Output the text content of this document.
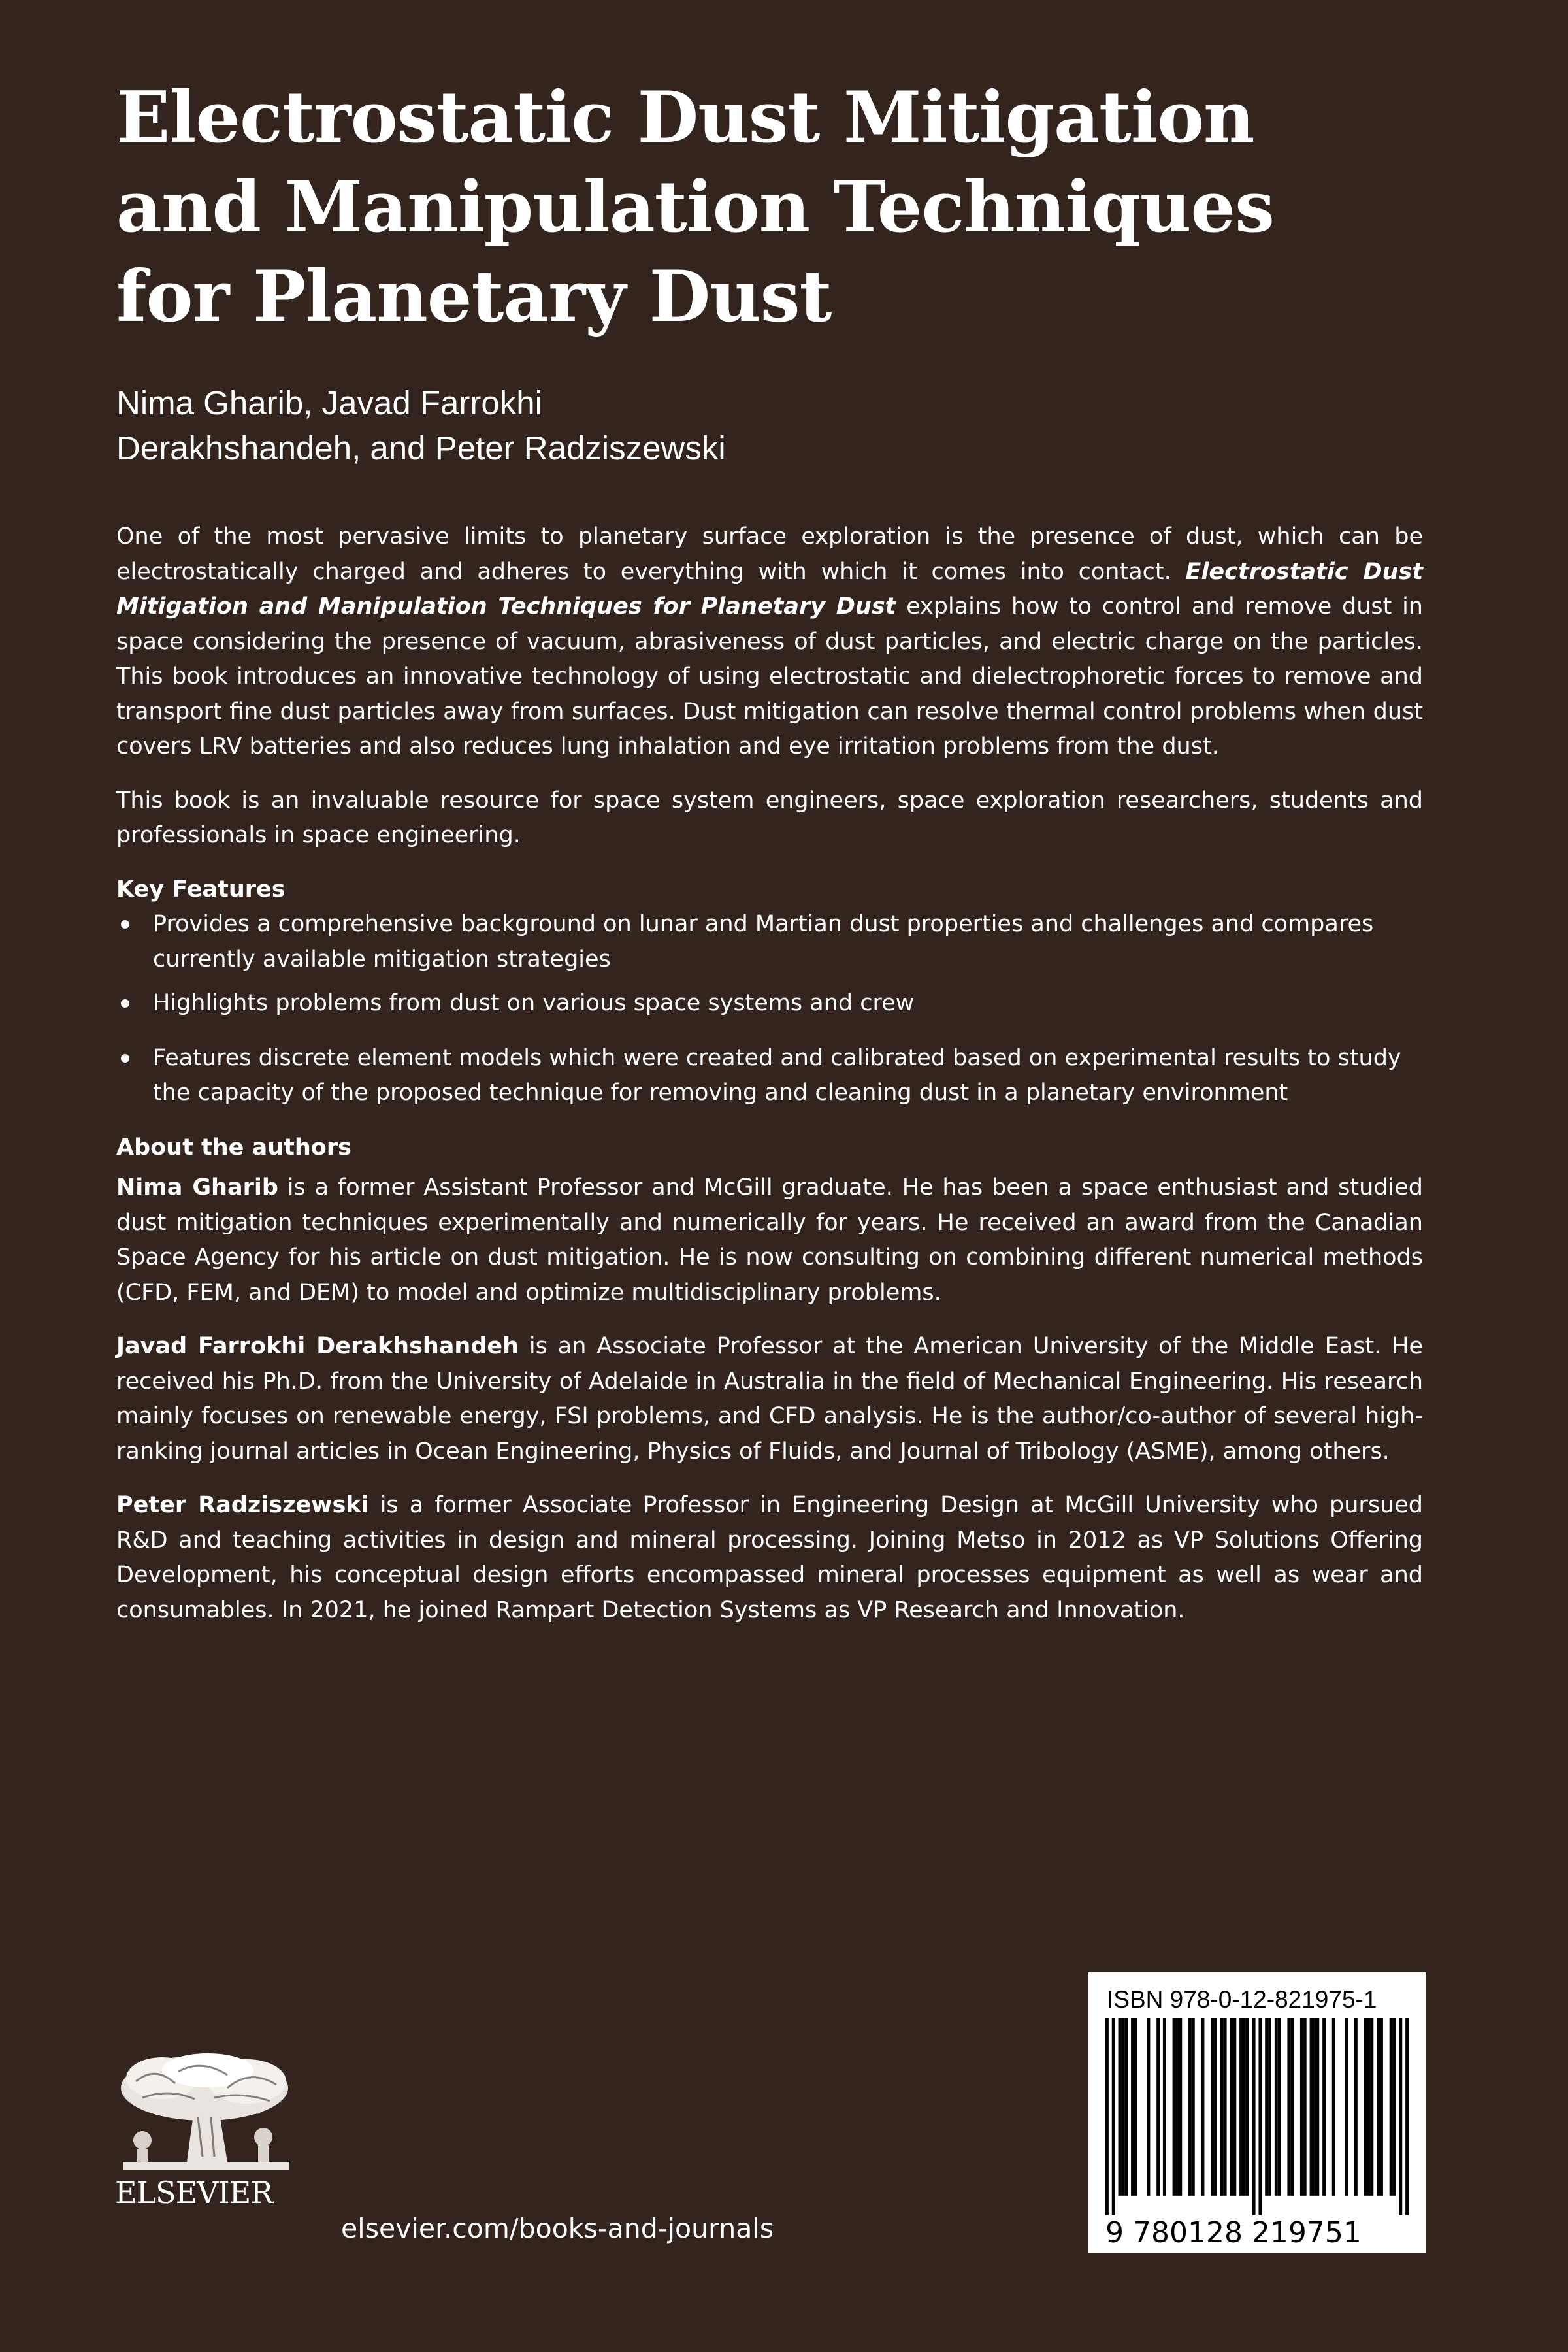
Electrostatic Dust Mitigation
and Manipulation Techniques
for Planetary Dust
Nima Gharib, Javad Farrokhi
Derakhshandeh, and Peter Radziszewski

One of the most pervasive limits to planetary surface exploration is the presence of dust, which can be electrostatically charged and adheres to everything with which it comes into contact. Electrostatic Dust Mitigation and Manipulation Techniques for Planetary Dust explains how to control and remove dust in space considering the presence of vacuum, abrasiveness of dust particles, and electric charge on the particles. This book introduces an innovative technology of using electrostatic and dielectrophoretic forces to remove and transport fine dust particles away from surfaces. Dust mitigation can resolve thermal control problems when dust covers LRV batteries and also reduces lung inhalation and eye irritation problems from the dust.

This book is an invaluable resource for space system engineers, space exploration researchers, students and professionals in space engineering.

Key Features

Provides a comprehensive background on lunar and Martian dust properties and challenges and compares currently available mitigation strategies
Highlights problems from dust on various space systems and crew
Features discrete element models which were created and calibrated based on experimental results to study the capacity of the proposed technique for removing and cleaning dust in a planetary environment

About the authors

Nima Gharib is a former Assistant Professor and McGill graduate. He has been a space enthusiast and studied dust mitigation techniques experimentally and numerically for years. He received an award from the Canadian Space Agency for his article on dust mitigation. He is now consulting on combining different numerical methods (CFD, FEM, and DEM) to model and optimize multidisciplinary problems.

Javad Farrokhi Derakhshandeh is an Associate Professor at the American University of the Middle East. He received his Ph.D. from the University of Adelaide in Australia in the field of Mechanical Engineering. His research mainly focuses on renewable energy, FSI problems, and CFD analysis. He is the author/co-author of several high-ranking journal articles in Ocean Engineering, Physics of Fluids, and Journal of Tribology (ASME), among others.

Peter Radziszewski is a former Associate Professor in Engineering Design at McGill University who pursued R&D and teaching activities in design and mineral processing. Joining Metso in 2012 as VP Solutions Offering Development, his conceptual design efforts encompassed mineral processes equipment as well as wear and consumables. In 2021, he joined Rampart Detection Systems as VP Research and Innovation.

ELSEVIER
elsevier.com/books-and-journals
ISBN 978-0-12-821975-1
9 780128 219751
